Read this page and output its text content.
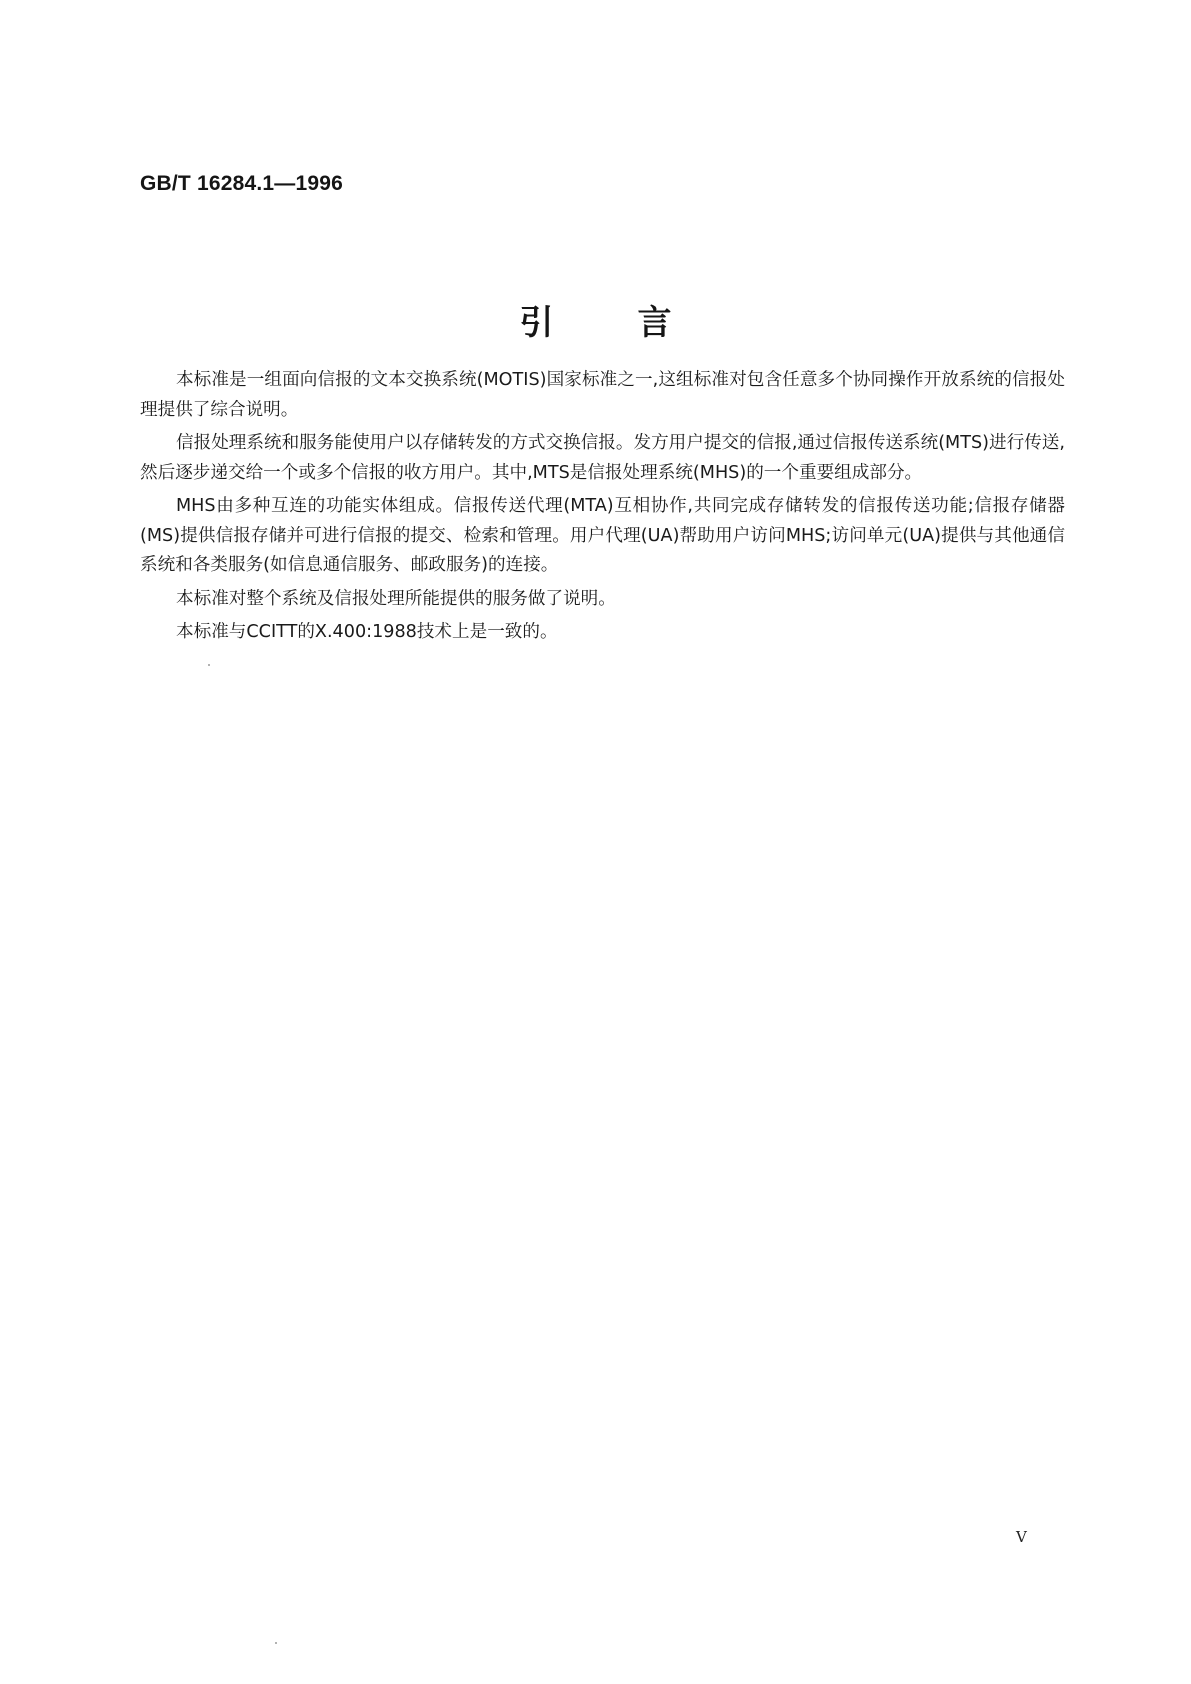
GB/T 16284.1—1996
引言

本标准是一组面向信报的文本交换系统(MOTIS)国家标准之一,这组标准对包含任意多个协同操作开放系统的信报处理提供了综合说明。

信报处理系统和服务能使用户以存储转发的方式交换信报。发方用户提交的信报,通过信报传送系统(MTS)进行传送,然后逐步递交给一个或多个信报的收方用户。其中,MTS是信报处理系统(MHS)的一个重要组成部分。

MHS由多种互连的功能实体组成。信报传送代理(MTA)互相协作,共同完成存储转发的信报传送功能;信报存储器(MS)提供信报存储并可进行信报的提交、检索和管理。用户代理(UA)帮助用户访问MHS;访问单元(UA)提供与其他通信系统和各类服务(如信息通信服务、邮政服务)的连接。

本标准对整个系统及信报处理所能提供的服务做了说明。

本标准与CCITT的X.400:1988技术上是一致的。

V
